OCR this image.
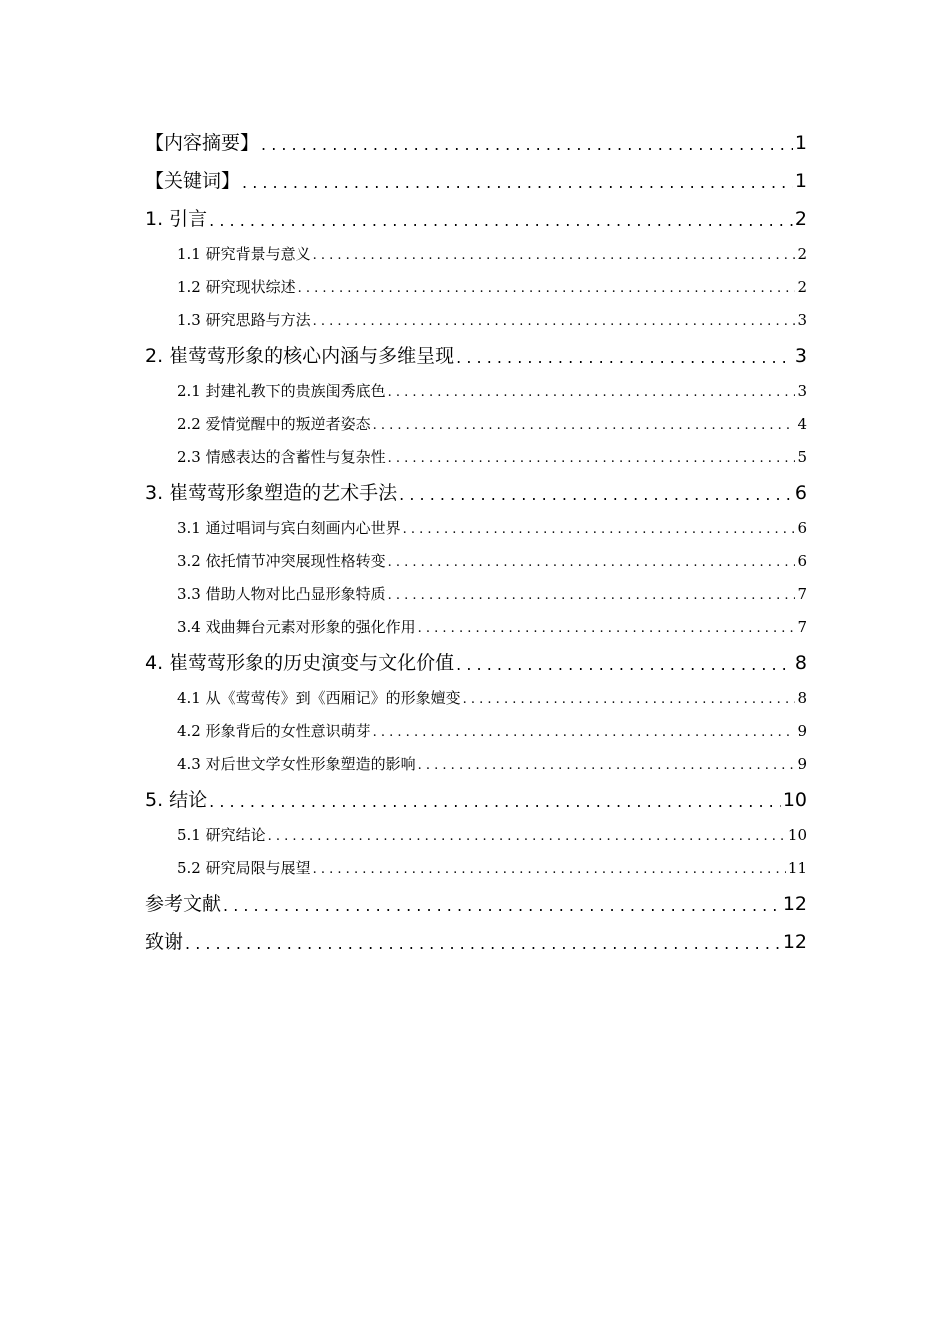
【内容摘要】 . . .	1
【关键词】 . . .	1
1. 引言 . . .	2
1.1 研究背景与意义 . . .	2
1.2 研究现状综述 . . .	2
1.3 研究思路与方法 . . .	3
2. 崔莺莺形象的核心内涵与多维呈现 . . .	3
2.1 封建礼教下的贵族闺秀底色 . . .	3
2.2 爱情觉醒中的叛逆者姿态 . . .	4
2.3 情感表达的含蓄性与复杂性 . . .	5
3. 崔莺莺形象塑造的艺术手法 . . .	6
3.1 通过唱词与宾白刻画内心世界 . . .	6
3.2 依托情节冲突展现性格转变 . . .	6
3.3 借助人物对比凸显形象特质 . . .	7
3.4 戏曲舞台元素对形象的强化作用 . . .	7
4. 崔莺莺形象的历史演变与文化价值 . . .	8
4.1 从《莺莺传》到《西厢记》的形象嬗变 . . .	8
4.2 形象背后的女性意识萌芽 . . .	9
4.3 对后世文学女性形象塑造的影响 . . .	9
5. 结论 . . .	10
5.1 研究结论 . . .	10
5.2 研究局限与展望 . . .	11
参考文献 . . .	12
致谢 . . .	12
